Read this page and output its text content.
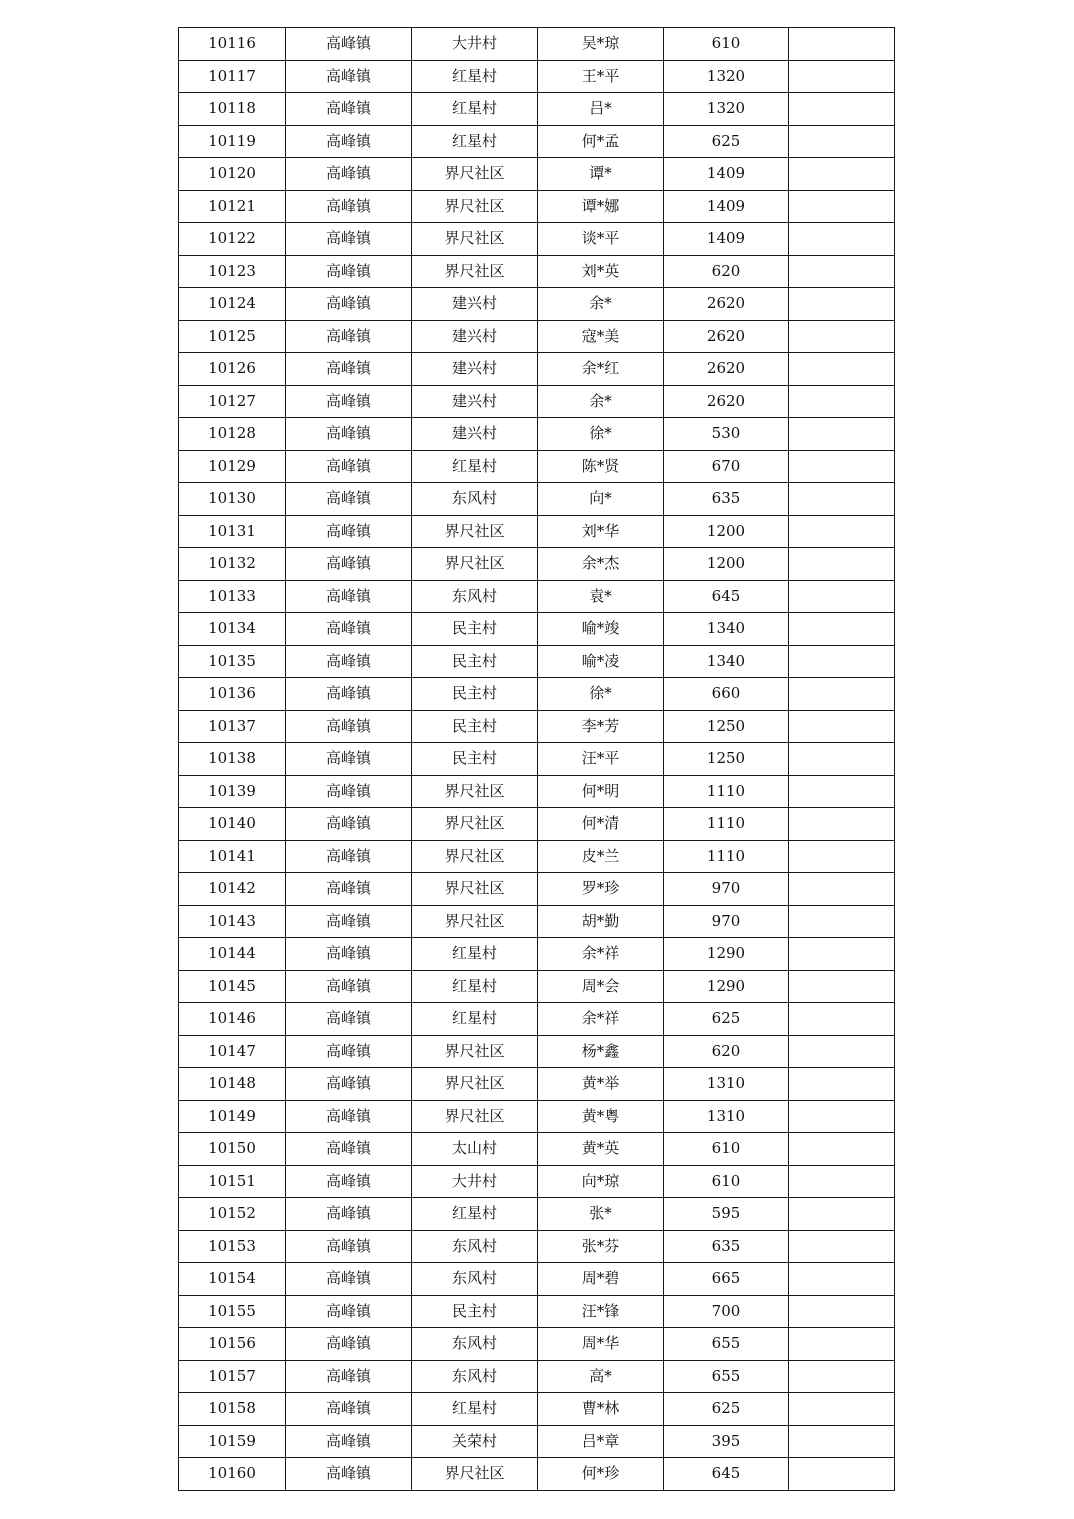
10116	高峰镇	大井村	吴*琼	610	
10117	高峰镇	红星村	王*平	1320	
10118	高峰镇	红星村	吕*	1320	
10119	高峰镇	红星村	何*孟	625	
10120	高峰镇	界尺社区	谭*	1409	
10121	高峰镇	界尺社区	谭*娜	1409	
10122	高峰镇	界尺社区	谈*平	1409	
10123	高峰镇	界尺社区	刘*英	620	
10124	高峰镇	建兴村	余*	2620	
10125	高峰镇	建兴村	寇*美	2620	
10126	高峰镇	建兴村	余*红	2620	
10127	高峰镇	建兴村	余*	2620	
10128	高峰镇	建兴村	徐*	530	
10129	高峰镇	红星村	陈*贤	670	
10130	高峰镇	东风村	向*	635	
10131	高峰镇	界尺社区	刘*华	1200	
10132	高峰镇	界尺社区	余*杰	1200	
10133	高峰镇	东风村	袁*	645	
10134	高峰镇	民主村	喻*竣	1340	
10135	高峰镇	民主村	喻*凌	1340	
10136	高峰镇	民主村	徐*	660	
10137	高峰镇	民主村	李*芳	1250	
10138	高峰镇	民主村	汪*平	1250	
10139	高峰镇	界尺社区	何*明	1110	
10140	高峰镇	界尺社区	何*清	1110	
10141	高峰镇	界尺社区	皮*兰	1110	
10142	高峰镇	界尺社区	罗*珍	970	
10143	高峰镇	界尺社区	胡*勤	970	
10144	高峰镇	红星村	余*祥	1290	
10145	高峰镇	红星村	周*会	1290	
10146	高峰镇	红星村	余*祥	625	
10147	高峰镇	界尺社区	杨*鑫	620	
10148	高峰镇	界尺社区	黄*举	1310	
10149	高峰镇	界尺社区	黄*粤	1310	
10150	高峰镇	太山村	黄*英	610	
10151	高峰镇	大井村	向*琼	610	
10152	高峰镇	红星村	张*	595	
10153	高峰镇	东风村	张*芬	635	
10154	高峰镇	东风村	周*碧	665	
10155	高峰镇	民主村	汪*锋	700	
10156	高峰镇	东风村	周*华	655	
10157	高峰镇	东风村	高*	655	
10158	高峰镇	红星村	曹*林	625	
10159	高峰镇	关荣村	吕*章	395	
10160	高峰镇	界尺社区	何*珍	645	
